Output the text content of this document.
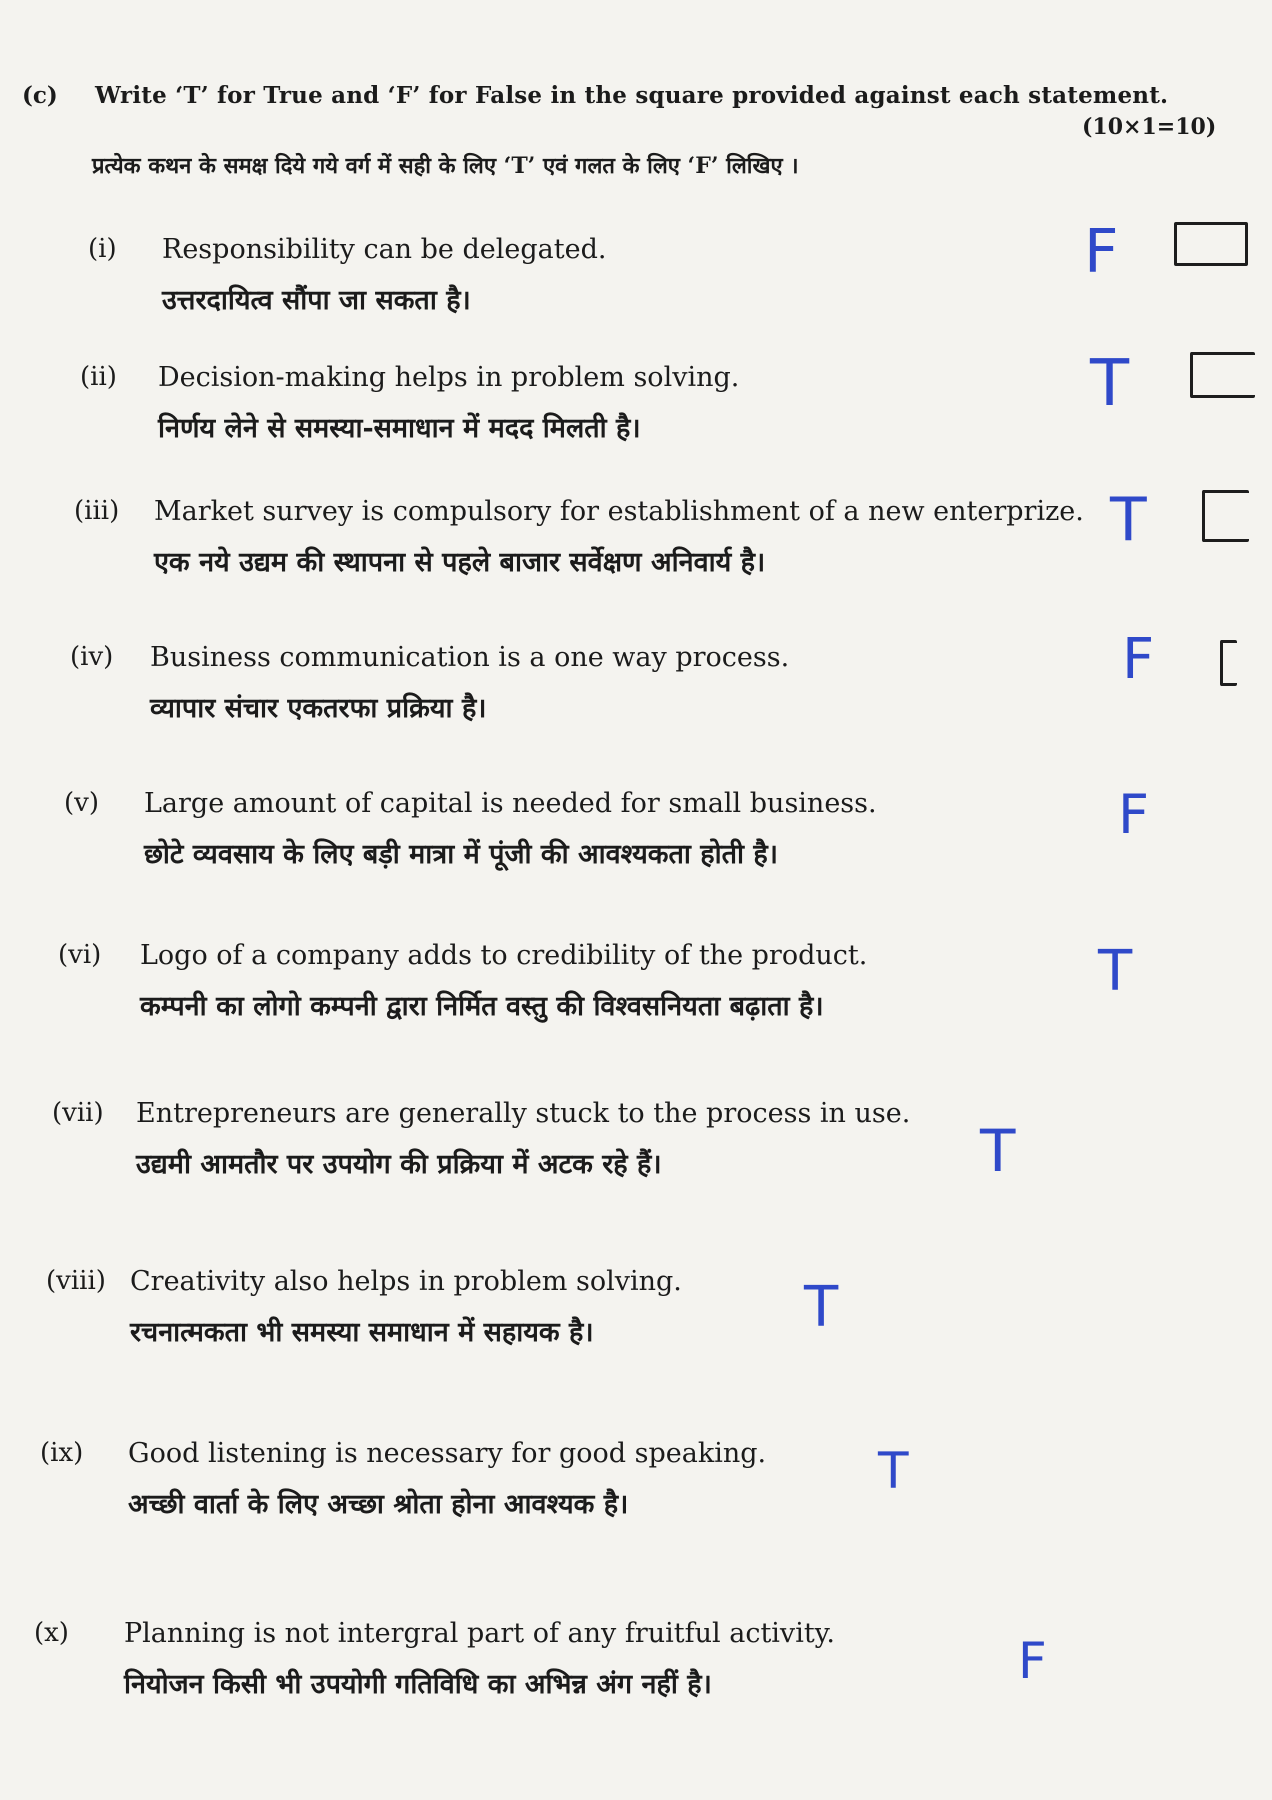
(c) Write ‘T’ for True and ‘F’ for False in the square provided against each statement.
(10×1=10)
प्रत्येक कथन के समक्ष दिये गये वर्ग में सही के लिए ‘T’ एवं गलत के लिए ‘F’ लिखिए ।
(i) Responsibility can be delegated.
उत्तरदायित्व सौंपा जा सकता है।
(ii) Decision-making helps in problem solving.
निर्णय लेने से समस्या-समाधान में मदद मिलती है।
(iii) Market survey is compulsory for establishment of a new enterprize.
एक नये उद्यम की स्थापना से पहले बाजार सर्वेक्षण अनिवार्य है।
(iv) Business communication is a one way process.
व्यापार संचार एकतरफा प्रक्रिया है।
(v) Large amount of capital is needed for small business.
छोटे व्यवसाय के लिए बड़ी मात्रा में पूंजी की आवश्यकता होती है।
(vi) Logo of a company adds to credibility of the product.
कम्पनी का लोगो कम्पनी द्वारा निर्मित वस्तु की विश्वसनियता बढ़ाता है।
(vii) Entrepreneurs are generally stuck to the process in use.
उद्यमी आमतौर पर उपयोग की प्रक्रिया में अटक रहे हैं।
(viii) Creativity also helps in problem solving.
रचनात्मकता भी समस्या समाधान में सहायक है।
(ix) Good listening is necessary for good speaking.
अच्छी वार्ता के लिए अच्छा श्रोता होना आवश्यक है।
(x) Planning is not intergral part of any fruitful activity.
नियोजन किसी भी उपयोगी गतिविधि का अभिन्न अंग नहीं है।
F
T
T
F
F
T
T
T
T
F
